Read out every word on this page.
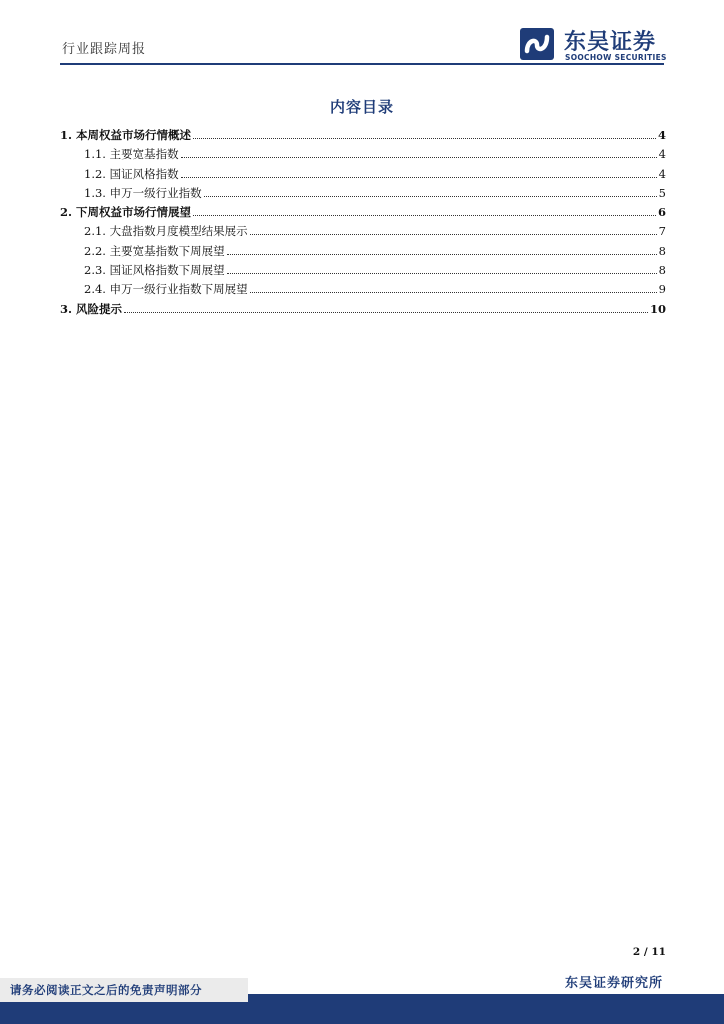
行业跟踪周报	东吴证券
SOOCHOW SECURITIES
内容目录
1. 本周权益市场行情概述	4
1.1. 主要宽基指数	4
1.2. 国证风格指数	4
1.3. 申万一级行业指数	5
2. 下周权益市场行情展望	6
2.1. 大盘指数月度模型结果展示	7
2.2. 主要宽基指数下周展望	8
2.3. 国证风格指数下周展望	8
2.4. 申万一级行业指数下周展望	9
3. 风险提示	10
2 / 11
东吴证券研究所
请务必阅读正文之后的免责声明部分
